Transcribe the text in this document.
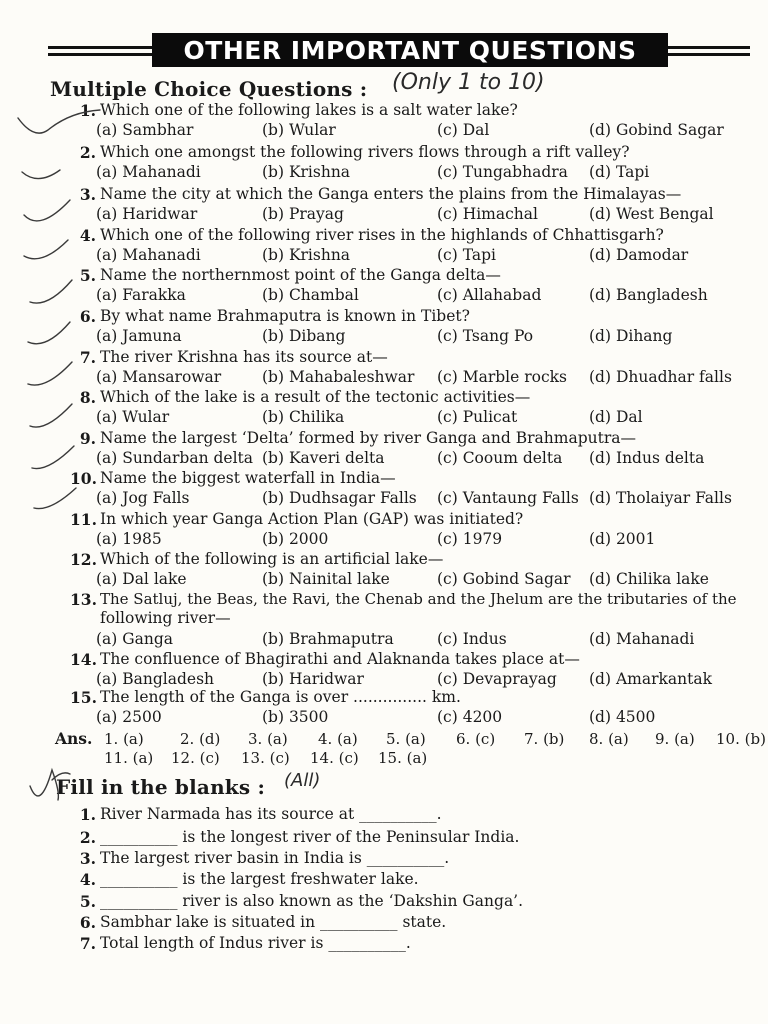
OTHER IMPORTANT QUESTIONS
Multiple Choice Questions : (Only 1 to 10)
1. Which one of the following lakes is a salt water lake?
(a) Sambhar	(b) Wular	(c) Dal	(d) Gobind Sagar
2. Which one amongst the following rivers flows through a rift valley?
(a) Mahanadi	(b) Krishna	(c) Tungabhadra (d) Tapi
3. Name the city at which the Ganga enters the plains from the Himalayas—
(a) Haridwar	(b) Prayag	(c) Himachal	(d) West Bengal
4. Which one of the following river rises in the highlands of Chhattisgarh?
(a) Mahanadi	(b) Krishna	(c) Tapi	(d) Damodar
5. Name the northernmost point of the Ganga delta—
(a) Farakka	(b) Chambal	(c) Allahabad	(d) Bangladesh
6. By what name Brahmaputra is known in Tibet?
(a) Jamuna	(b) Dibang	(c) Tsang Po	(d) Dihang
7. The river Krishna has its source at—
(a) Mansarowar	(b) Mahabaleshwar (c) Marble rocks (d) Dhuadhar falls
8. Which of the lake is a result of the tectonic activities—
(a) Wular	(b) Chilika	(c) Pulicat	(d) Dal
9. Name the largest ‘Delta’ formed by river Ganga and Brahmaputra—
(a) Sundarban delta (b) Kaveri delta	(c) Cooum delta (d) Indus delta
10. Name the biggest waterfall in India—
(a) Jog Falls	(b) Dudhsagar Falls (c) Vantaung Falls (d) Tholaiyar Falls
11. In which year Ganga Action Plan (GAP) was initiated?
(a) 1985	(b) 2000	(c) 1979	(d) 2001
12. Which of the following is an artificial lake—
(a) Dal lake	(b) Nainital lake	(c) Gobind Sagar (d) Chilika lake
13. The Satluj, the Beas, the Ravi, the Chenab and the Jhelum are the tributaries of the
following river—
(a) Ganga	(b) Brahmaputra	(c) Indus	(d) Mahanadi
14. The confluence of Bhagirathi and Alaknanda takes place at—
(a) Bangladesh	(b) Haridwar	(c) Devaprayag (d) Amarkantak
15. The length of the Ganga is over ............... km.
(a) 2500	(b) 3500	(c) 4200	(d) 4500
Ans. 1. (a) 2. (d) 3. (a) 4. (a) 5. (a) 6. (c) 7. (b) 8. (a) 9. (a) 10. (b)
11. (a) 12. (c) 13. (c) 14. (c) 15. (a)
Fill in the blanks : (All)
1. River Narmada has its source at __________.
2. __________ is the longest river of the Peninsular India.
3. The largest river basin in India is __________.
4. __________ is the largest freshwater lake.
5. __________ river is also known as the ‘Dakshin Ganga’.
6. Sambhar lake is situated in __________ state.
7. Total length of Indus river is __________.
